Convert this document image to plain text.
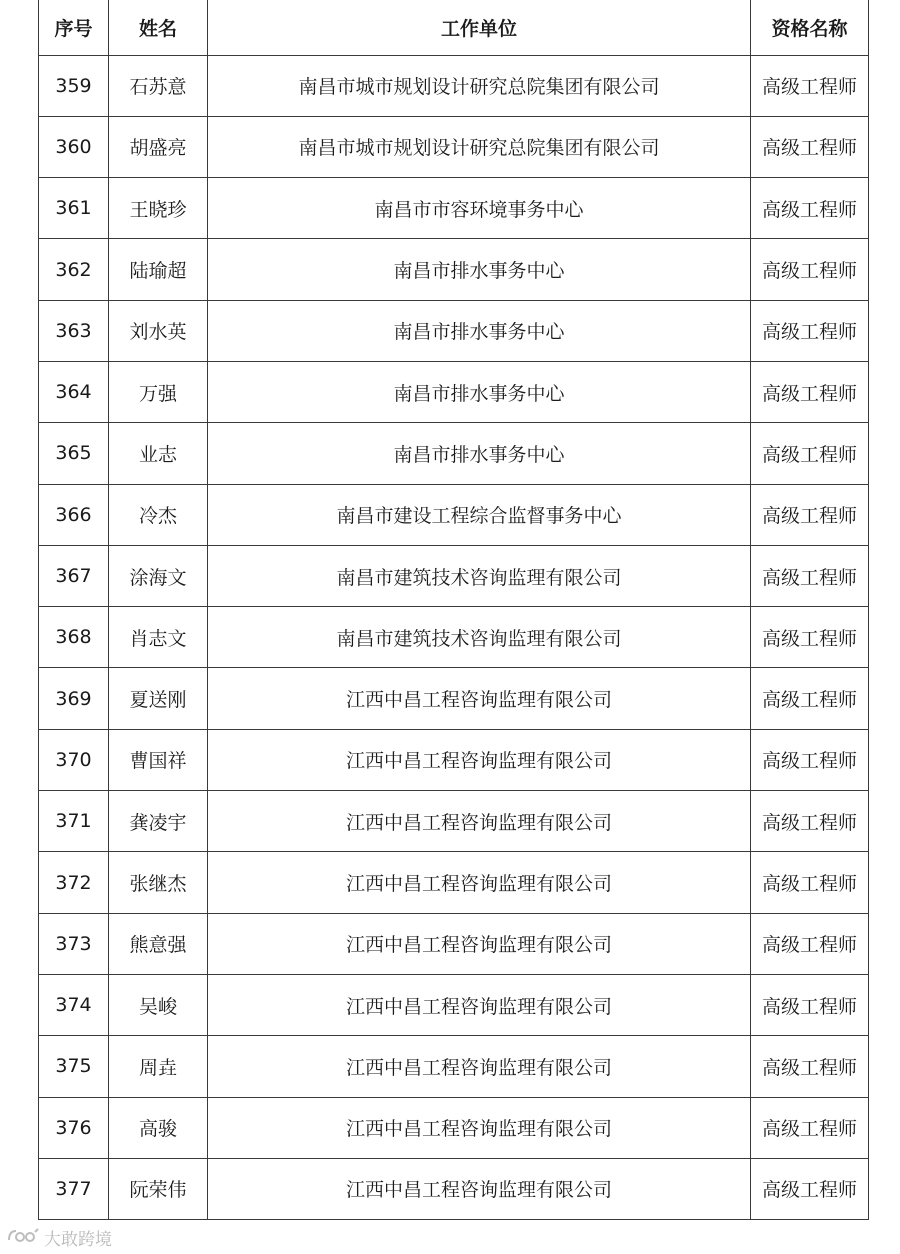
序号	姓名	工作单位	资格名称
359	石苏意	南昌市城市规划设计研究总院集团有限公司	高级工程师
360	胡盛亮	南昌市城市规划设计研究总院集团有限公司	高级工程师
361	王晓珍	南昌市市容环境事务中心	高级工程师
362	陆瑜超	南昌市排水事务中心	高级工程师
363	刘水英	南昌市排水事务中心	高级工程师
364	万强	南昌市排水事务中心	高级工程师
365	业志	南昌市排水事务中心	高级工程师
366	冷杰	南昌市建设工程综合监督事务中心	高级工程师
367	涂海文	南昌市建筑技术咨询监理有限公司	高级工程师
368	肖志文	南昌市建筑技术咨询监理有限公司	高级工程师
369	夏送刚	江西中昌工程咨询监理有限公司	高级工程师
370	曹国祥	江西中昌工程咨询监理有限公司	高级工程师
371	龚凌宇	江西中昌工程咨询监理有限公司	高级工程师
372	张继杰	江西中昌工程咨询监理有限公司	高级工程师
373	熊意强	江西中昌工程咨询监理有限公司	高级工程师
374	吴峻	江西中昌工程咨询监理有限公司	高级工程师
375	周垚	江西中昌工程咨询监理有限公司	高级工程师
376	高骏	江西中昌工程咨询监理有限公司	高级工程师
377	阮荣伟	江西中昌工程咨询监理有限公司	高级工程师
大敢跨境
